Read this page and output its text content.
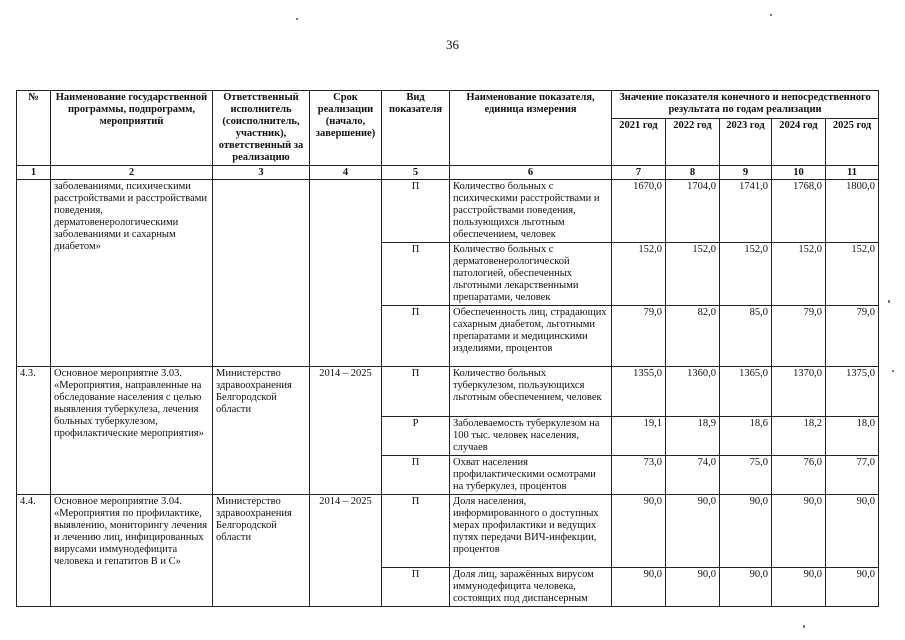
36
№	Наименование государственной программы, подпрограмм, мероприятий	Ответственный исполнитель (соисполнитель, участник), ответственный за реализацию	Срок реализации (начало, завершение)	Вид показателя	Наименование показателя, единица измерения	Значение показателя конечного и непосредственного результата по годам реализации				
						2021 год	2022 год	2023 год	2024 год	2025 год
1	2	3	4	5	6	7	8	9	10	11
	заболеваниями, психическими расстройствами и расстройствами поведения, дерматовенерологическими заболеваниями и сахарным диабетом»			П	Количество больных с психическими расстройствами и расстройствами поведения, пользующихся льготным обеспечением, человек	1670,0	1704,0	1741,0	1768,0	1800,0
				П	Количество больных с дерматовенерологической патологией, обеспеченных льготными лекарственными препаратами, человек	152,0	152,0	152,0	152,0	152,0
				П	Обеспеченность лиц, страдающих сахарным диабетом, льготными препаратами и медицинскими изделиями, процентов	79,0	82,0	85,0	79,0	79,0
4.3.	Основное мероприятие 3.03. «Мероприятия, направленные на обследование населения с целью выявления туберкулеза, лечения больных туберкулезом, профилактические мероприятия»	Министерство здравоохранения Белгородской области	2014 – 2025	П	Количество больных туберкулезом, пользующихся льготным обеспечением, человек	1355,0	1360,0	1365,0	1370,0	1375,0
				Р	Заболеваемость туберкулезом на 100 тыс. человек населения, случаев	19,1	18,9	18,6	18,2	18,0
				П	Охват населения профилактическими осмотрами на туберкулез, процентов	73,0	74,0	75,0	76,0	77,0
4.4.	Основное мероприятие 3.04. «Мероприятия по профилактике, выявлению, мониторингу лечения и лечению лиц, инфицированных вирусами иммунодефицита человека и гепатитов B и C»	Министерство здравоохранения Белгородской области	2014 – 2025	П	Доля населения, информированного о доступных мерах профилактики и ведущих путях передачи ВИЧ-инфекции, процентов	90,0	90,0	90,0	90,0	90,0
				П	Доля лиц, заражённых вирусом иммунодефицита человека, состоящих под диспансерным	90,0	90,0	90,0	90,0	90,0
